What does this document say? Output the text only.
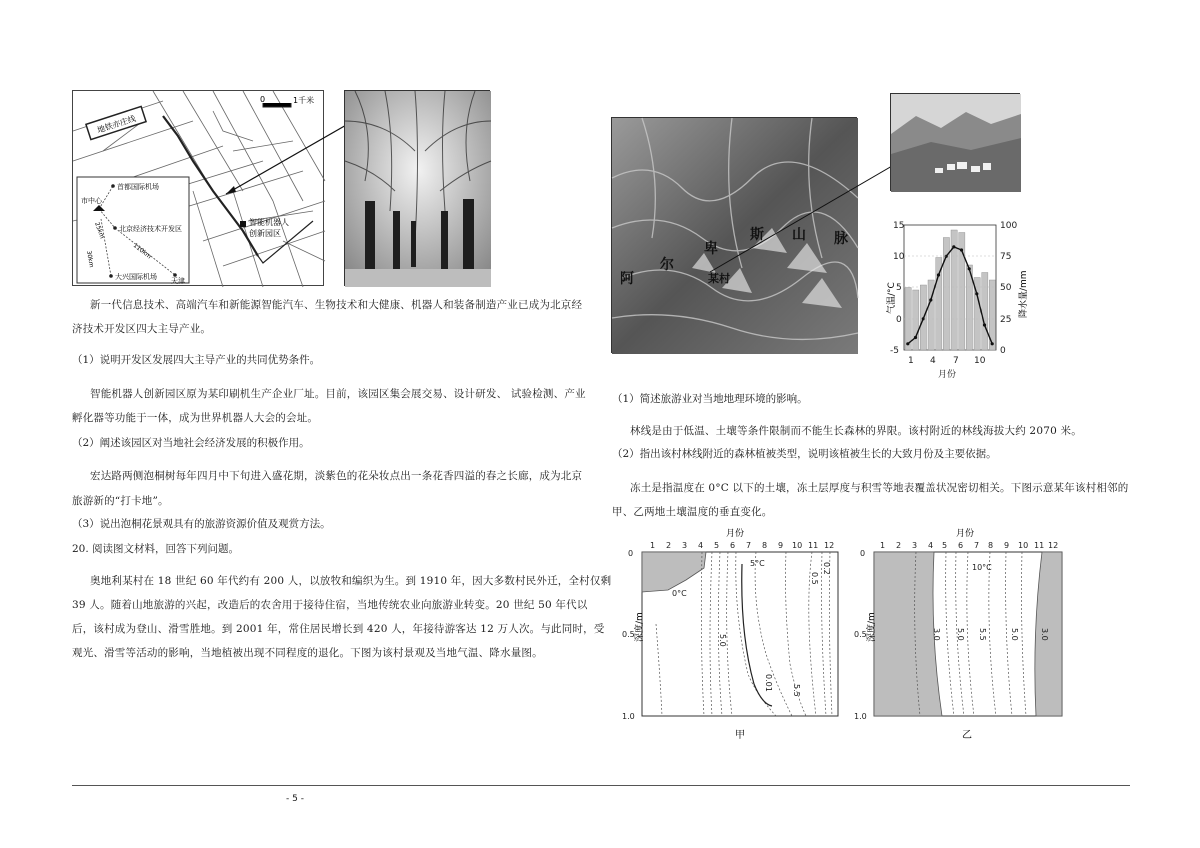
地铁亦庄线
0	1千米
智能机器人
创新园区
首都国际机场
市中心
北京经济技术开发区
大兴国际机场 天津
25km
30km	110km
新一代信息技术、高端汽车和新能源智能汽车、生物技术和大健康、机器人和装备制造产业已成为北京经
济技术开发区四大主导产业。
（1）说明开发区发展四大主导产业的共同优势条件。
智能机器人创新园区原为某印刷机生产企业厂址。目前，该园区集会展交易、设计研发、 试验检测、产业
孵化器等功能于一体，成为世界机器人大会的会址。
（2）阐述该园区对当地社会经济发展的积极作用。
宏达路两侧泡桐树每年四月中下旬进入盛花期，淡紫色的花朵妆点出一条花香四溢的春之长廊，成为北京
旅游新的“打卡地”。
（3）说出泡桐花景观具有的旅游资源价值及观赏方法。
20. 阅读图文材料，回答下列问题。
奥地利某村在 18 世纪 60 年代约有 200 人，以放牧和编织为生。到 1910 年，因大多数村民外迁，全村仅剩
39 人。随着山地旅游的兴起，改造后的农舍用于接待住宿，当地传统农业向旅游业转变。20 世纪 50 年代以
后，该村成为登山、滑雪胜地。到 2001 年，常住居民增长到 420 人，年接待游客达 12 万人次。与此同时，受
观光、滑雪等活动的影响，当地植被出现不同程度的退化。下图为该村景观及当地气温、降水量图。
阿
尔
卑
斯 山 脉
某村
15
10
5
0
-5
100
75
50
25
0
1 4 7 10
月份
气温/°C	降水量/mm
（1）简述旅游业对当地地理环境的影响。
林线是由于低温、土壤等条件限制而不能生长森林的界限。该村附近的林线海拔大约 2070 米。
（2）指出该村林线附近的森林植被类型，说明该植被生长的大致月份及主要依据。
冻土是指温度在 0°C 以下的土壤，冻土层厚度与积雪等地表覆盖状况密切相关。下图示意某年该村相邻的
甲、乙两地土壤温度的垂直变化。
月份
1 2 3 4 5 6 7 8 9 10 11 12
0
0.5
1.0
0°C
5°C
5.0
0.01 5.5
0.5
0.2
深度/m
甲
月份
1 2 3 4 5 6 7 8 9 10 11 12
0
0.5
1.0
10°C
3.0 5.0 5.5	5.0	3.0
深度/m
乙
- 5 -
